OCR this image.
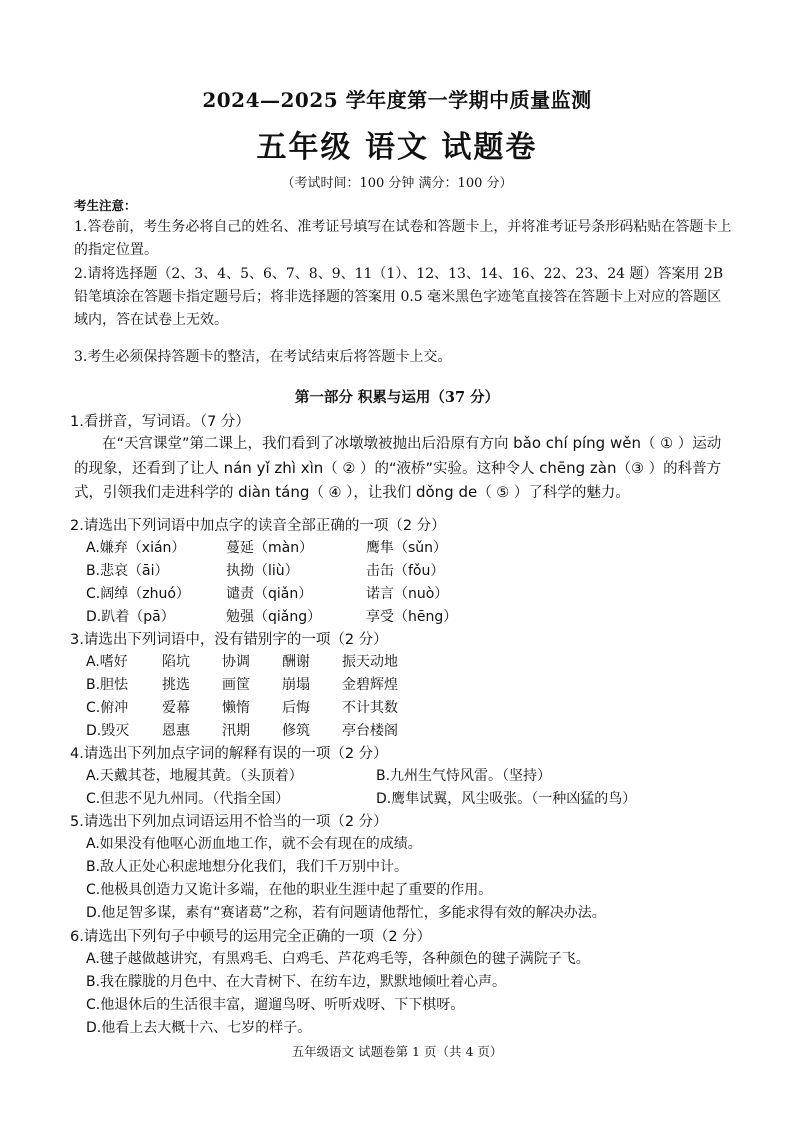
2024—2025 学年度第一学期中质量监测
五年级 语文 试题卷
（考试时间：100 分钟 满分：100 分）
考生注意：
1.答卷前，考生务必将自己的姓名、准考证号填写在试卷和答题卡上，并将准考证号条形码粘贴在答题卡上的指定位置。
2.请将选择题（2、3、4、5、6、7、8、9、11（1）、12、13、14、16、22、23、24 题）答案用 2B 铅笔填涂在答题卡指定题号后；将非选择题的答案用 0.5 毫米黑色字迹笔直接答在答题卡上对应的答题区域内，答在试卷上无效。
3.考生必须保持答题卡的整洁，在考试结束后将答题卡上交。
第一部分 积累与运用（37 分）
1.看拼音，写词语。（7 分）
在“天宫课堂”第二课上，我们看到了冰墩墩被抛出后沿原有方向 bǎo chí píng wěn（ ① ）运动的现象，还看到了让人 nán yǐ zhì xìn（ ② ）的“液桥”实验。这种令人 chēng zàn（③ ）的科普方式，引领我们走进科学的 diàn táng（ ④ ），让我们 dǒng de（ ⑤ ）了科学的魅力。
2.请选出下列词语中加点字的读音全部正确的一项（2 分）
A.嫌弃（xián）	蔓延（màn）	鹰隼（sǔn）
B.悲哀（āi）	执拗（liù）	击缶（fǒu）
C.阔绰（zhuó）	谴责（qiǎn）	诺言（nuò）
D.趴着（pā）	勉强（qiǎng）	享受（hēng）
3.请选出下列词语中，没有错别字的一项（2 分）
A.嗜好	陷坑	协调	酬谢	振天动地
B.胆怯	挑选	画筐	崩塌	金碧辉煌
C.俯冲	爱幕	懒惰	后悔	不计其数
D.毁灭	恩惠	汛期	修筑	亭台楼阁
4.请选出下列加点字词的解释有误的一项（2 分）
A.天戴其苍，地履其黄。（头顶着）	B.九州生气恃风雷。（坚持）
C.但悲不见九州同。（代指全国）	D.鹰隼试翼，风尘吸张。（一种凶猛的鸟）
5.请选出下列加点词语运用不恰当的一项（2 分）
A.如果没有他呕心沥血地工作，就不会有现在的成绩。
B.敌人正处心积虑地想分化我们，我们千万别中计。
C.他极具创造力又诡计多端，在他的职业生涯中起了重要的作用。
D.他足智多谋，素有“赛诸葛”之称，若有问题请他帮忙，多能求得有效的解决办法。
6.请选出下列句子中顿号的运用完全正确的一项（2 分）
A.毽子越做越讲究，有黑鸡毛、白鸡毛、芦花鸡毛等，各种颜色的毽子满院子飞。
B.我在朦胧的月色中、在大青树下、在纺车边，默默地倾吐着心声。
C.他退休后的生活很丰富，遛遛鸟呀、听听戏呀、下下棋呀。
D.他看上去大概十六、七岁的样子。
五年级语文 试题卷第 1 页（共 4 页）
